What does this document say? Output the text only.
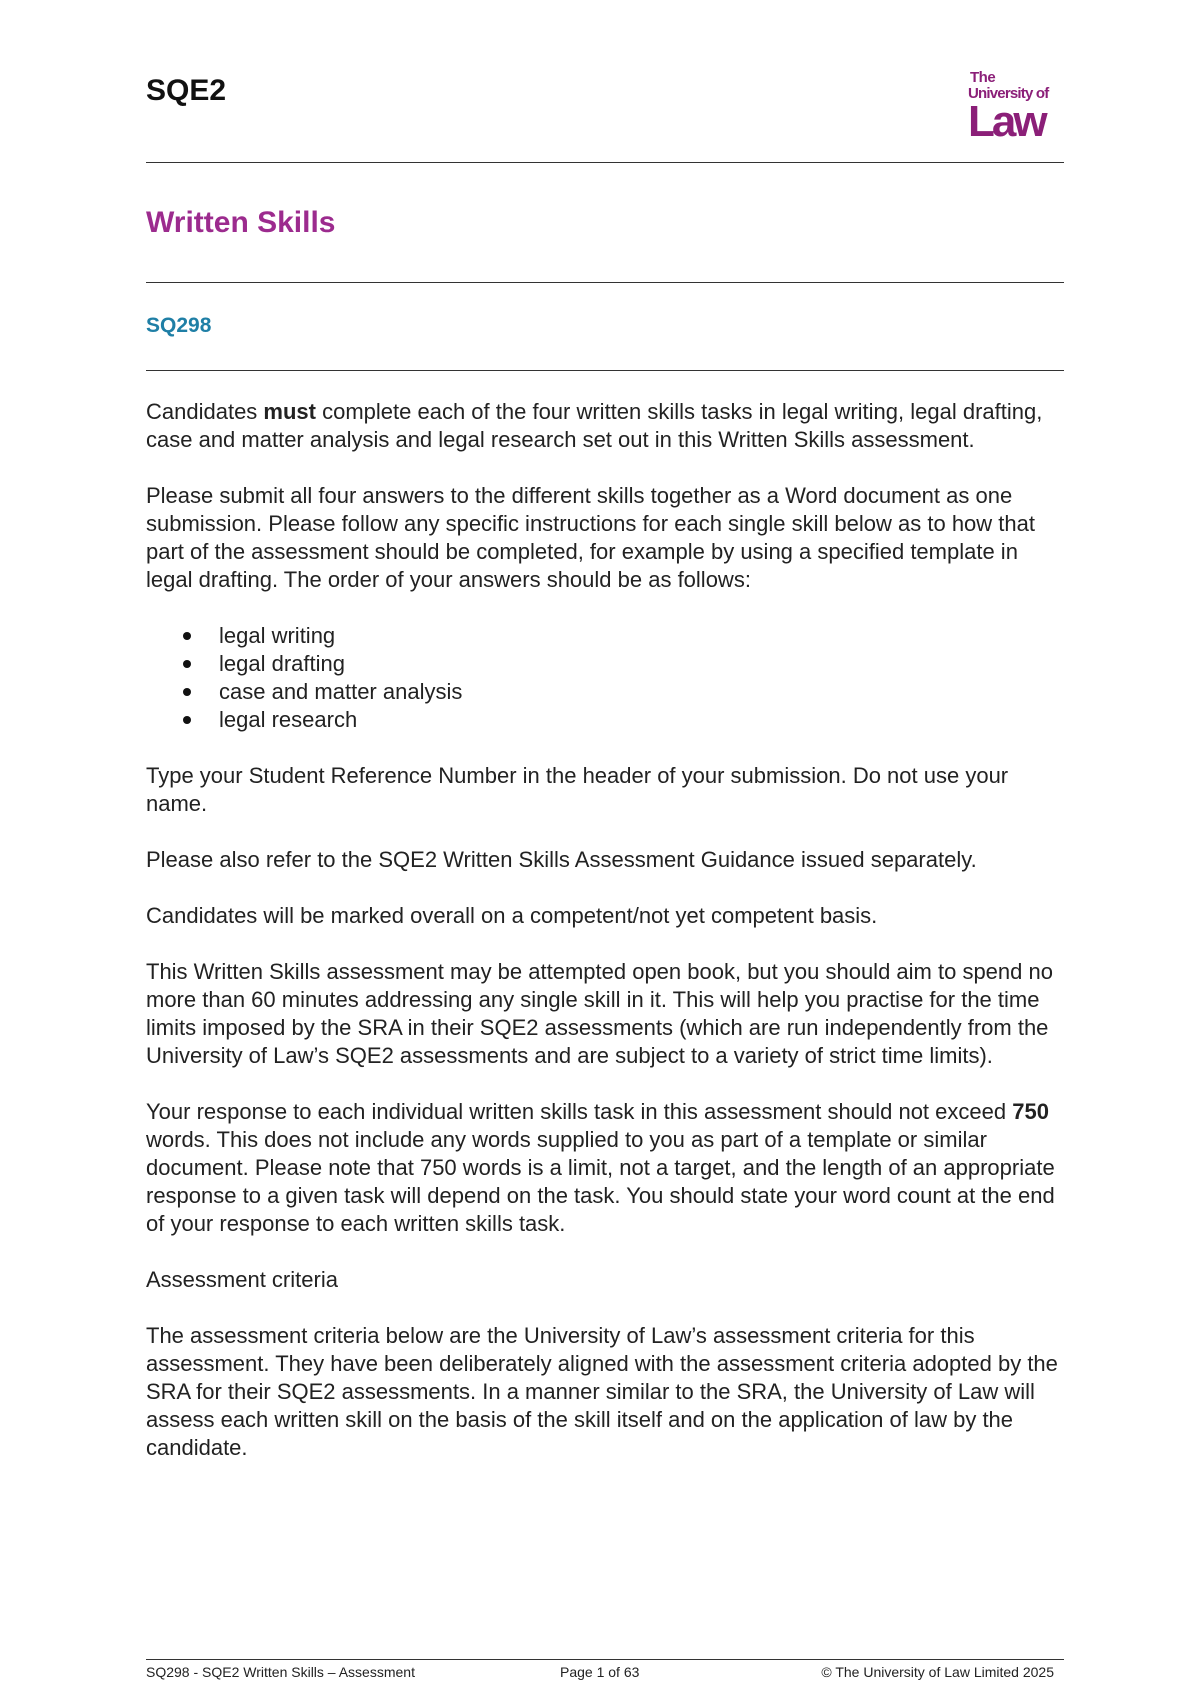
SQE2	The
University of
Law
Written Skills
SQ298

Candidates must complete each of the four written skills tasks in legal writing, legal drafting, case and matter analysis and legal research set out in this Written Skills assessment.

Please submit all four answers to the different skills together as a Word document as one submission. Please follow any specific instructions for each single skill below as to how that part of the assessment should be completed, for example by using a specified template in legal drafting. The order of your answers should be as follows:

legal writing
legal drafting
case and matter analysis
legal research

Type your Student Reference Number in the header of your submission. Do not use your name.

Please also refer to the SQE2 Written Skills Assessment Guidance issued separately.

Candidates will be marked overall on a competent/not yet competent basis.

This Written Skills assessment may be attempted open book, but you should aim to spend no more than 60 minutes addressing any single skill in it. This will help you practise for the time limits imposed by the SRA in their SQE2 assessments (which are run independently from the University of Law’s SQE2 assessments and are subject to a variety of strict time limits).

Your response to each individual written skills task in this assessment should not exceed 750 words. This does not include any words supplied to you as part of a template or similar document. Please note that 750 words is a limit, not a target, and the length of an appropriate response to a given task will depend on the task. You should state your word count at the end of your response to each written skills task.

Assessment criteria

The assessment criteria below are the University of Law’s assessment criteria for this assessment. They have been deliberately aligned with the assessment criteria adopted by the SRA for their SQE2 assessments. In a manner similar to the SRA, the University of Law will assess each written skill on the basis of the skill itself and on the application of law by the candidate.

SQ298 - SQE2 Written Skills – Assessment	Page 1 of 63	© The University of Law Limited 2025
